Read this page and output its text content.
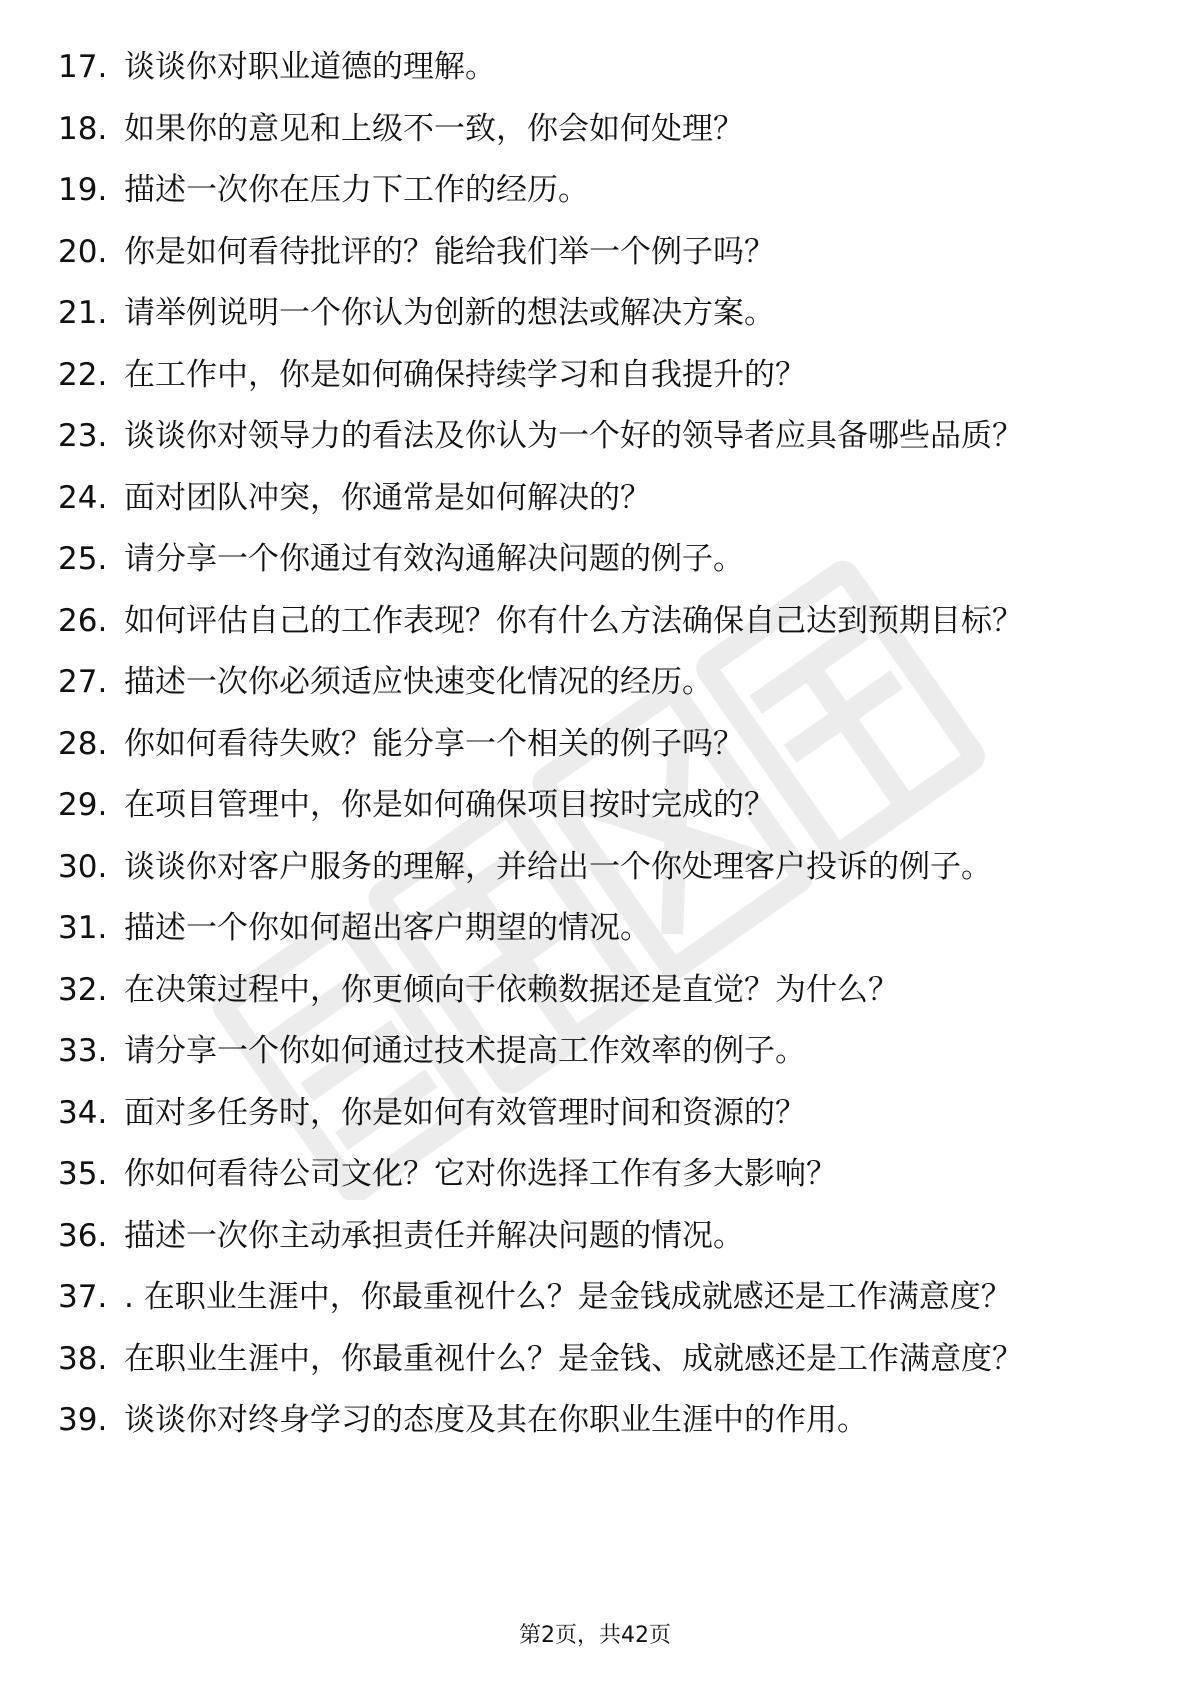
17. 谈谈你对职业道德的理解。
18. 如果你的意见和上级不一致，你会如何处理？
19. 描述一次你在压力下工作的经历。
20. 你是如何看待批评的？能给我们举一个例子吗？
21. 请举例说明一个你认为创新的想法或解决方案。
22. 在工作中，你是如何确保持续学习和自我提升的？
23. 谈谈你对领导力的看法及你认为一个好的领导者应具备哪些品质？
24. 面对团队冲突，你通常是如何解决的？
25. 请分享一个你通过有效沟通解决问题的例子。
26. 如何评估自己的工作表现？你有什么方法确保自己达到预期目标？
27. 描述一次你必须适应快速变化情况的经历。
28. 你如何看待失败？能分享一个相关的例子吗？
29. 在项目管理中，你是如何确保项目按时完成的？
30. 谈谈你对客户服务的理解，并给出一个你处理客户投诉的例子。
31. 描述一个你如何超出客户期望的情况。
32. 在决策过程中，你更倾向于依赖数据还是直觉？为什么？
33. 请分享一个你如何通过技术提高工作效率的例子。
34. 面对多任务时，你是如何有效管理时间和资源的？
35. 你如何看待公司文化？它对你选择工作有多大影响？
36. 描述一次你主动承担责任并解决问题的情况。
37. . 在职业生涯中，你最重视什么？是金钱成就感还是工作满意度？
38. 在职业生涯中，你最重视什么？是金钱、成就感还是工作满意度？
39. 谈谈你对终身学习的态度及其在你职业生涯中的作用。
第2页，共42页
